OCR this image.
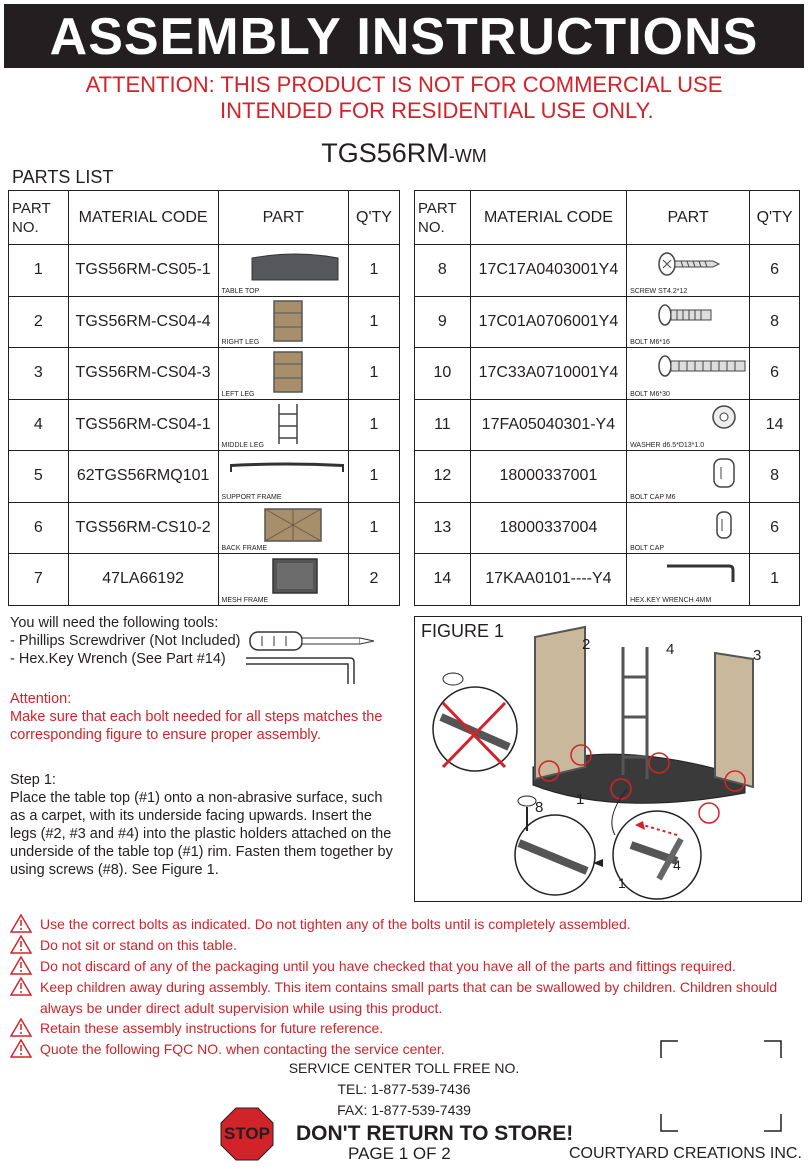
ASSEMBLY INSTRUCTIONS
ATTENTION: THIS PRODUCT IS NOT FOR COMMERCIAL USE
INTENDED FOR RESIDENTIAL USE ONLY.
TGS56RM-WM
PARTS LIST
PART
NO.	MATERIAL CODE	PART	Q'TY
1	TGS56RM-CS05-1	TABLE TOP	1
2	TGS56RM-CS04-4	RIGHT LEG	1
3	TGS56RM-CS04-3	LEFT LEG	1
4	TGS56RM-CS04-1	MIDDLE LEG	1
5	62TGS56RMQ101	SUPPORT FRAME	1
6	TGS56RM-CS10-2	BACK FRAME	1
7	47LA66192	MESH FRAME	2
PART
NO.	MATERIAL CODE	PART	Q'TY
8	17C17A0403001Y4	SCREW ST4.2*12	6
9	17C01A0706001Y4	BOLT M6*16	8
10	17C33A0710001Y4	BOLT M6*30	6
11	17FA05040301-Y4	WASHER d6.5*D13*1.0	14
12	18000337001	BOLT CAP M6	8
13	18000337004	BOLT CAP	6
14	17KAA0101----Y4	HEX.KEY WRENCH 4MM	1
You will need the following tools:
- Phillips Screwdriver (Not Included)
- Hex.Key Wrench (See Part #14)
Attention:
Make sure that each bolt needed for all steps matches the
corresponding figure to ensure proper assembly.
Step 1:
Place the table top (#1) onto a non-abrasive surface, such as a carpet, with its underside facing upwards. Insert the legs (#2, #3 and #4) into the plastic holders attached on the underside of the table top (#1) rim. Fasten them together by using screws (#8). See Figure 1.
FIGURE 1
2	4	3
1
8
4
1
Use the correct bolts as indicated. Do not tighten any of the bolts until is completely assembled.
Do not sit or stand on this table.
Do not discard of any of the packaging until you have checked that you have all of the parts and fittings required.
Keep children away during assembly. This item contains small parts that can be swallowed by children. Children should
always be under direct adult supervision while using this product.
Retain these assembly instructions for future reference.
Quote the following FQC NO. when contacting the service center.
SERVICE CENTER TOLL FREE NO.
TEL: 1-877-539-7436
FAX: 1-877-539-7439
STOP DON'T RETURN TO STORE!
PAGE 1 OF 2	COURTYARD CREATIONS INC.
